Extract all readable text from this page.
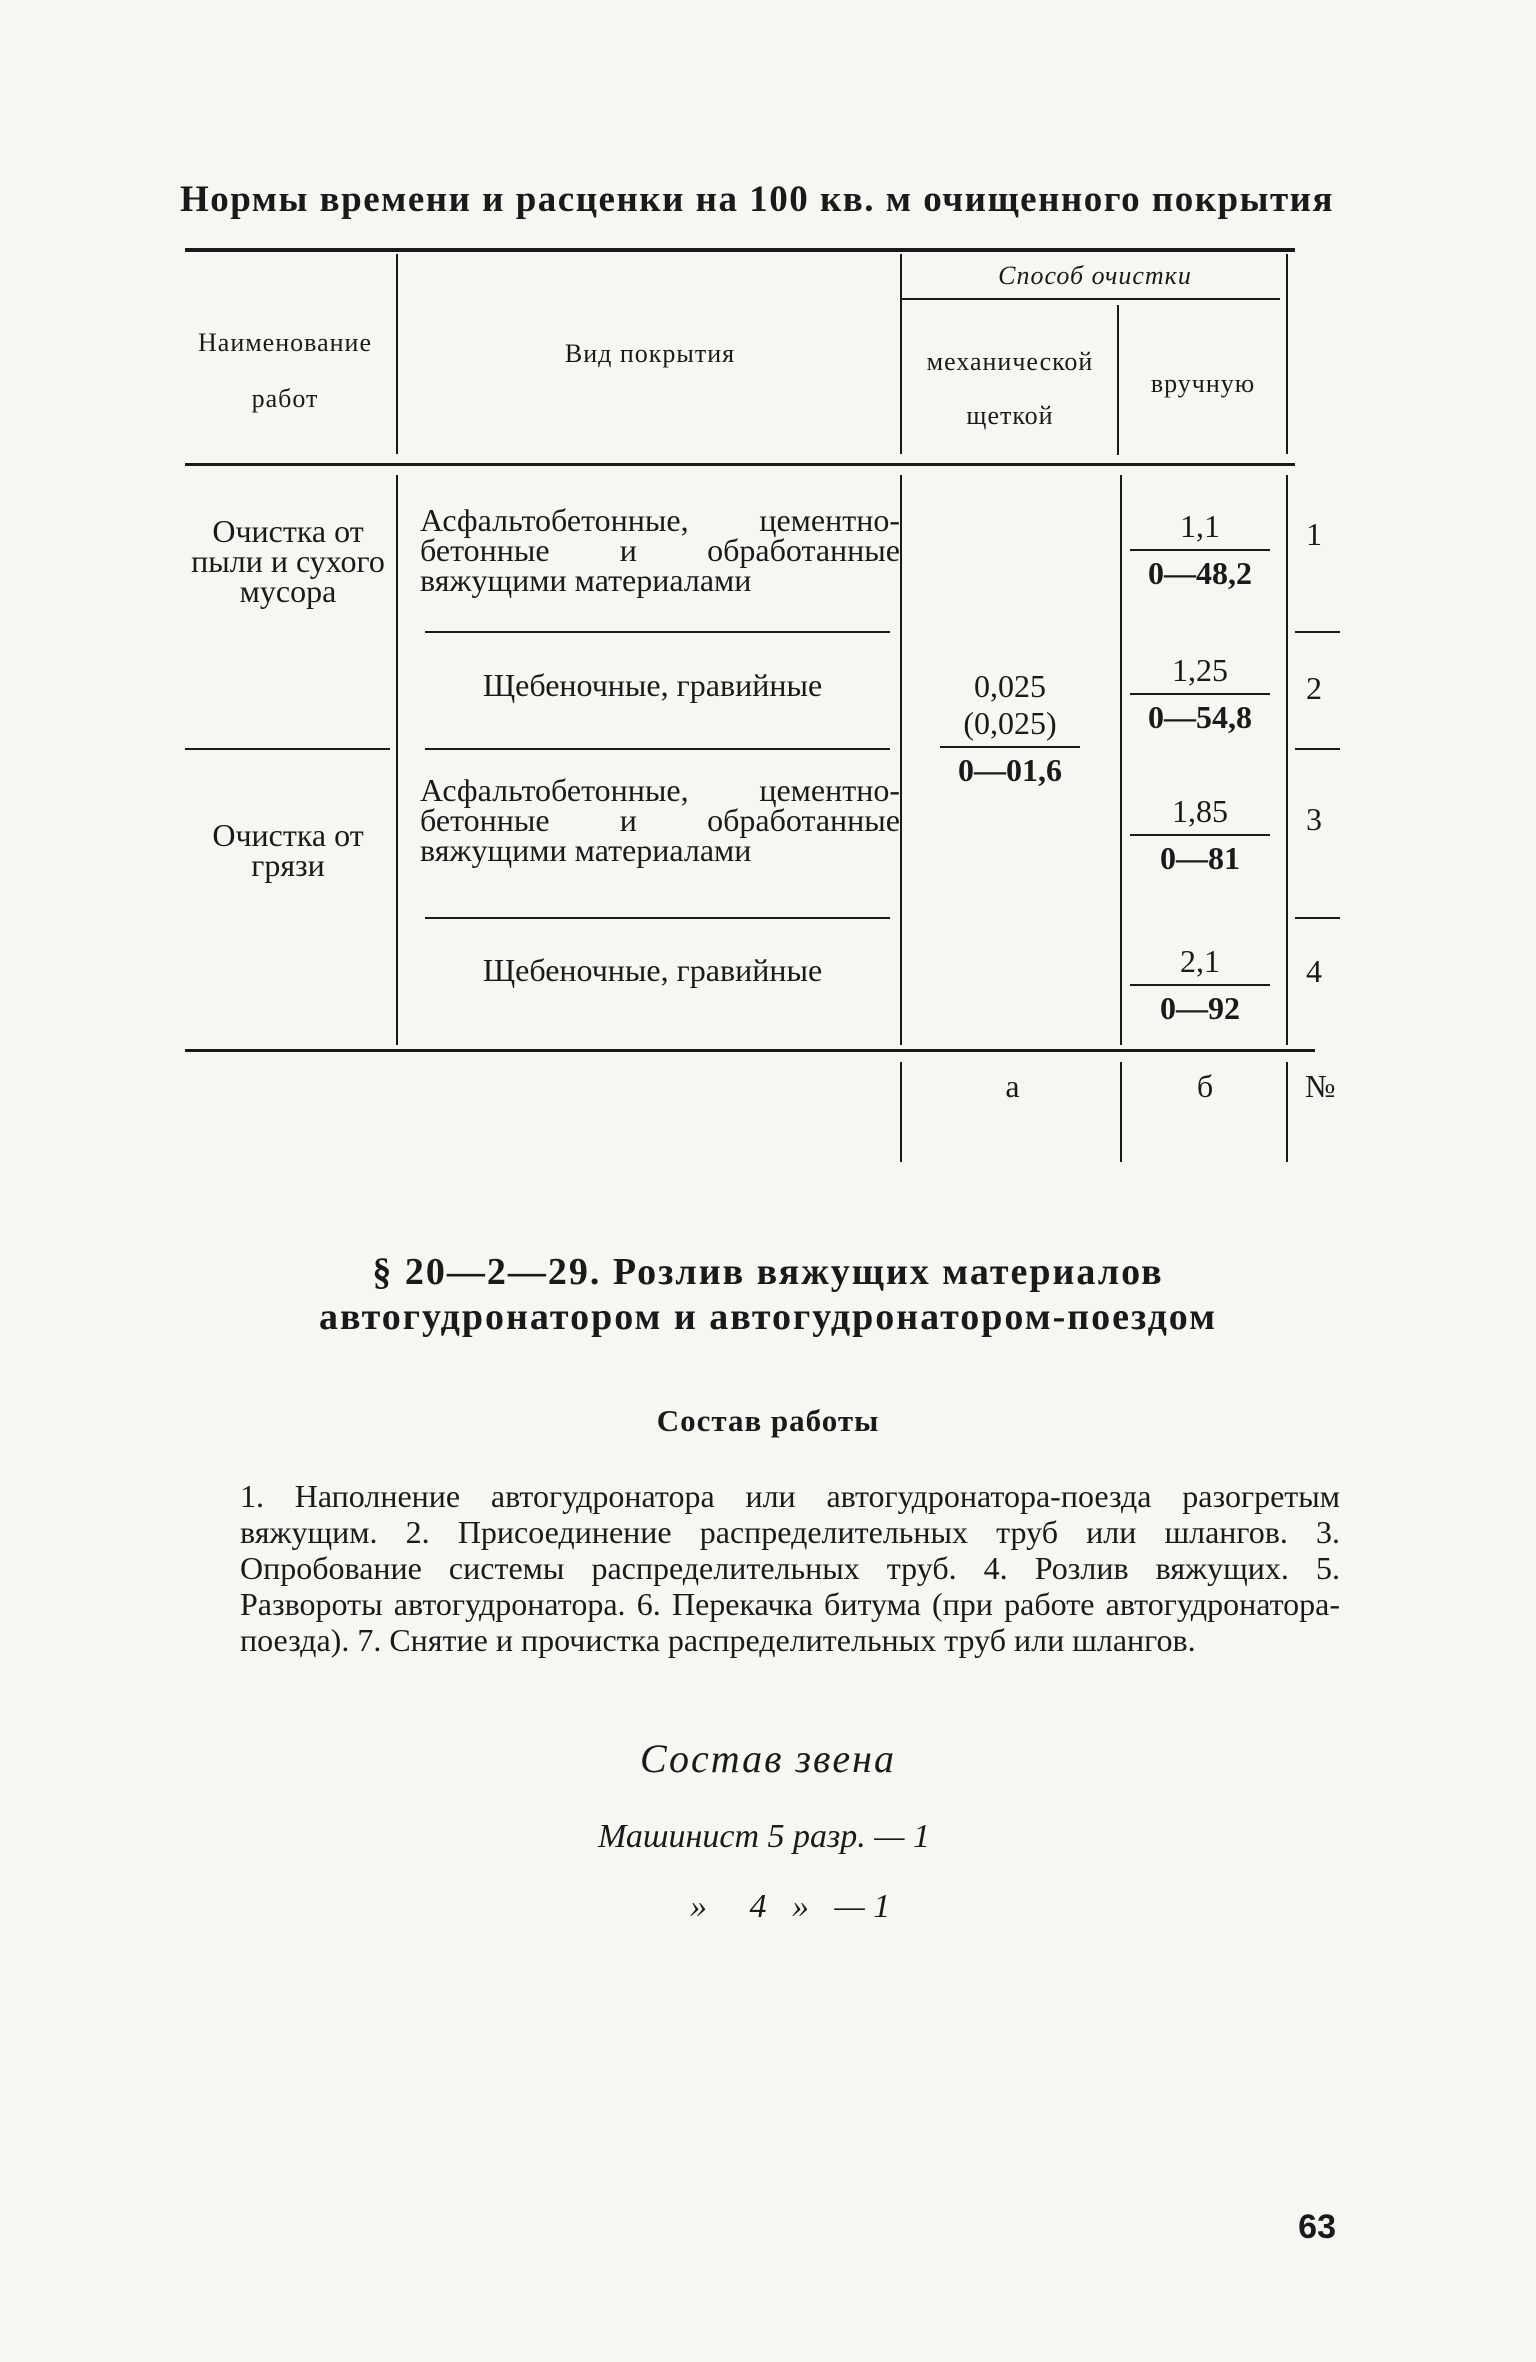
Нормы времени и расценки на 100 кв. м очищенного покрытия
Наименование работ
Вид покрытия
Способ очистки
механической щеткой
вручную
Очистка от пыли и сухого мусора
Очистка от грязи
Асфальтобетонные, цементно-бетонные и обработанные вяжущими материалами
Щебеночные, гравийные
Асфальтобетонные, цементно-бетонные и обработанные вяжущими материалами
Щебеночные, гравийные
0,025
(0,025)
0—01,6
1,1
0—48,2
1
1,25
0—54,8
2
1,85
0—81
3
2,1
0—92
4
а	б	№
§ 20—2—29. Розлив вяжущих материалов
автогудронатором и автогудронатором-поездом
Состав работы
1. Наполнение автогудронатора или автогудронатора-поезда разогретым вяжущим. 2. Присоединение распределительных труб или шлангов. 3. Опробование системы распределительных труб. 4. Розлив вяжущих. 5. Развороты автогудронатора. 6. Перекачка битума (при работе автогудронатора-поезда). 7. Снятие и прочистка распределительных труб или шлангов.
Состав звена
Машинист 5 разр. — 1
»     4   »   — 1
63
